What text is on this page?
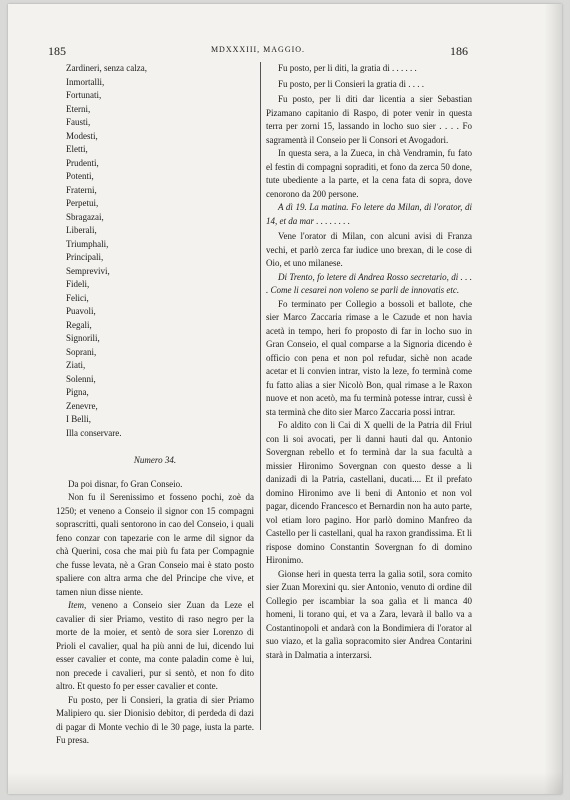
185	MDXXXIII, MAGGIO.	186
Zardineri, senza calza,
Inmortalli,
Fortunati,
Eterni,
Fausti,
Modesti,
Eletti,
Prudenti,
Potenti,
Fraterni,
Perpetui,
Sbragazai,
Liberali,
Triumphali,
Principali,
Semprevivi,
Fideli,
Felici,
Puavoli,
Regali,
Signorili,
Soprani,
Ziati,
Solenni,
Pigna,
Zenevre,
I Belli,
Illa conservare.
Numero 34.

Da poi disnar, fo Gran Conseio.

Non fu il Serenissimo et fosseno pochi, zoè da 1250; et veneno a Conseio il signor con 15 compagni soprascritti, quali sentorono in cao del Conseio, i quali feno conzar con tapezarie con le arme dil signor da chà Querini, cosa che mai più fu fata per Compagnie che fusse levata, nè a Gran Conseio mai è stato posto spaliere con altra arma che del Principe che vive, et tamen niun disse niente.

Item, veneno a Conseio sier Zuan da Leze el cavalier di sier Priamo, vestito di raso negro per la morte de la moier, et sentò de sora sier Lorenzo di Prioli el cavalier, qual ha più anni de lui, dicendo lui esser cavalier et conte, ma conte paladin come è lui, non precede i cavalieri, pur si sentò, et non fo dito altro. Et questo fo per esser cavalier et conte.

Fu posto, per li Consieri, la gratia di sier Priamo Malipiero qu. sier Dionisio debitor, di perdeda di dazi di pagar di Monte vechio di le 30 page, iusta la parte. Fu presa.

Fu posto, per li diti, la gratia di . . . . . .

Fu posto, per li Consieri la gratia di . . . .

Fu posto, per li diti dar licentia a sier Sebastian Pizamano capitanio di Raspo, di poter venir in questa terra per zorni 15, lassando in locho suo sier . . . . Fo sagramentà il Conseio per li Consori et Avogadori.

In questa sera, a la Zueca, in chà Vendramin, fu fato el festin di compagni sopraditi, et fono da zerca 50 done, tute ubediente a la parte, et la cena fata di sopra, dove cenorono da 200 persone.

A dì 19. La matina. Fo letere da Milan, di l'orator, di 14, et da mar . . . . . . . .

Vene l'orator di Milan, con alcuni avisi di Franza vechi, et parlò zerca far iudice uno brexan, di le cose di Oio, et uno milanese.

Di Trento, fo letere di Andrea Rosso secretario, di . . . . Come li cesarei non voleno se parli de innovatis etc.

Fo terminato per Collegio a bossoli et ballote, che sier Marco Zaccaria rimase a le Cazude et non havia acetà in tempo, heri fo proposto di far in locho suo in Gran Conseio, el qual comparse a la Signoria dicendo è officio con pena et non pol refudar, sichè non acade acetar et li convien intrar, visto la leze, fo terminà come fu fatto alias a sier Nicolò Bon, qual rimase a le Raxon nuove et non acetò, ma fu terminà potesse intrar, cussì è sta terminà che dito sier Marco Zaccaria possi intrar.

Fo aldito con li Cai di X quelli de la Patria dil Friul con li soi avocati, per li danni hauti dal qu. Antonio Sovergnan rebello et fo terminà dar la sua facultà a missier Hironimo Sovergnan con questo desse a li danizadi di la Patria, castellani, ducati.... Et il prefato domino Hironimo ave li beni di Antonio et non vol pagar, dicendo Francesco et Bernardin non ha auto parte, vol etiam loro pagino. Hor parlò domino Manfreo da Castello per li castellani, qual ha raxon grandissima. Et li rispose domino Constantin Sovergnan fo di domino Hironimo.

Gionse heri in questa terra la galìa sotil, sora comito sier Zuan Morexini qu. sier Antonio, venuto di ordine dil Collegio per iscambiar la soa galìa et li manca 40 homeni, li torano qui, et va a Zara, levarà il ballo va a Costantinopoli et andarà con la Bondimiera di l'orator al suo viazo, et la galìa sopracomito sier Andrea Contarini starà in Dalmatia a interzarsi.
